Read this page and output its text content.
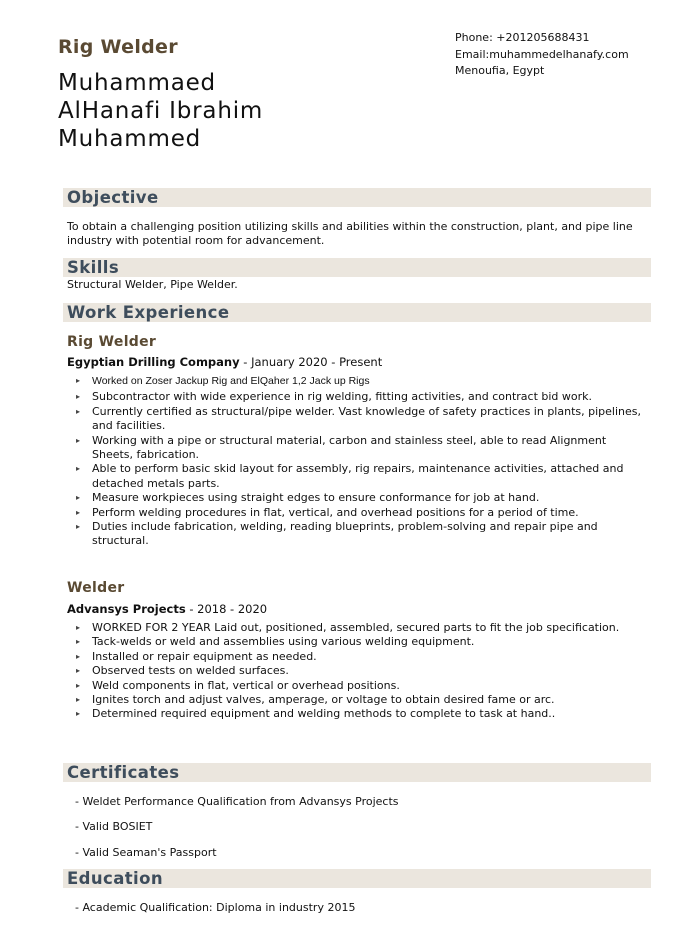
Rig Welder
Muhammaed
AlHanafi Ibrahim
Muhammed
Phone: +201205688431
Email:muhammedelhanafy.com
Menoufia, Egypt
Objective
To obtain a challenging position utilizing skills and abilities within the construction, plant, and pipe line industry with potential room for advancement.
Skills
Structural Welder, Pipe Welder.
Work Experience
Rig Welder
Egyptian Drilling Company - January 2020 - Present
▸ Worked on Zoser Jackup Rig and ElQaher 1,2 Jack up Rigs
▸ Subcontractor with wide experience in rig welding, fitting activities, and contract bid work.
▸ Currently certified as structural/pipe welder. Vast knowledge of safety practices in plants, pipelines, and facilities.
▸ Working with a pipe or structural material, carbon and stainless steel, able to read Alignment Sheets, fabrication.
▸ Able to perform basic skid layout for assembly, rig repairs, maintenance activities, attached and detached metals parts.
▸ Measure workpieces using straight edges to ensure conformance for job at hand.
▸ Perform welding procedures in flat, vertical, and overhead positions for a period of time.
▸ Duties include fabrication, welding, reading blueprints, problem-solving and repair pipe and structural.
Welder
Advansys Projects - 2018 - 2020
▸ WORKED FOR 2 YEAR Laid out, positioned, assembled, secured parts to fit the job specification.
▸ Tack-welds or weld and assemblies using various welding equipment.
▸ Installed or repair equipment as needed.
▸ Observed tests on welded surfaces.
▸ Weld components in flat, vertical or overhead positions.
▸ Ignites torch and adjust valves, amperage, or voltage to obtain desired fame or arc.
▸ Determined required equipment and welding methods to complete to task at hand..
Certificates
- Weldet Performance Qualification from Advansys Projects
- Valid BOSIET
- Valid Seaman's Passport
Education
- Academic Qualification: Diploma in industry 2015
